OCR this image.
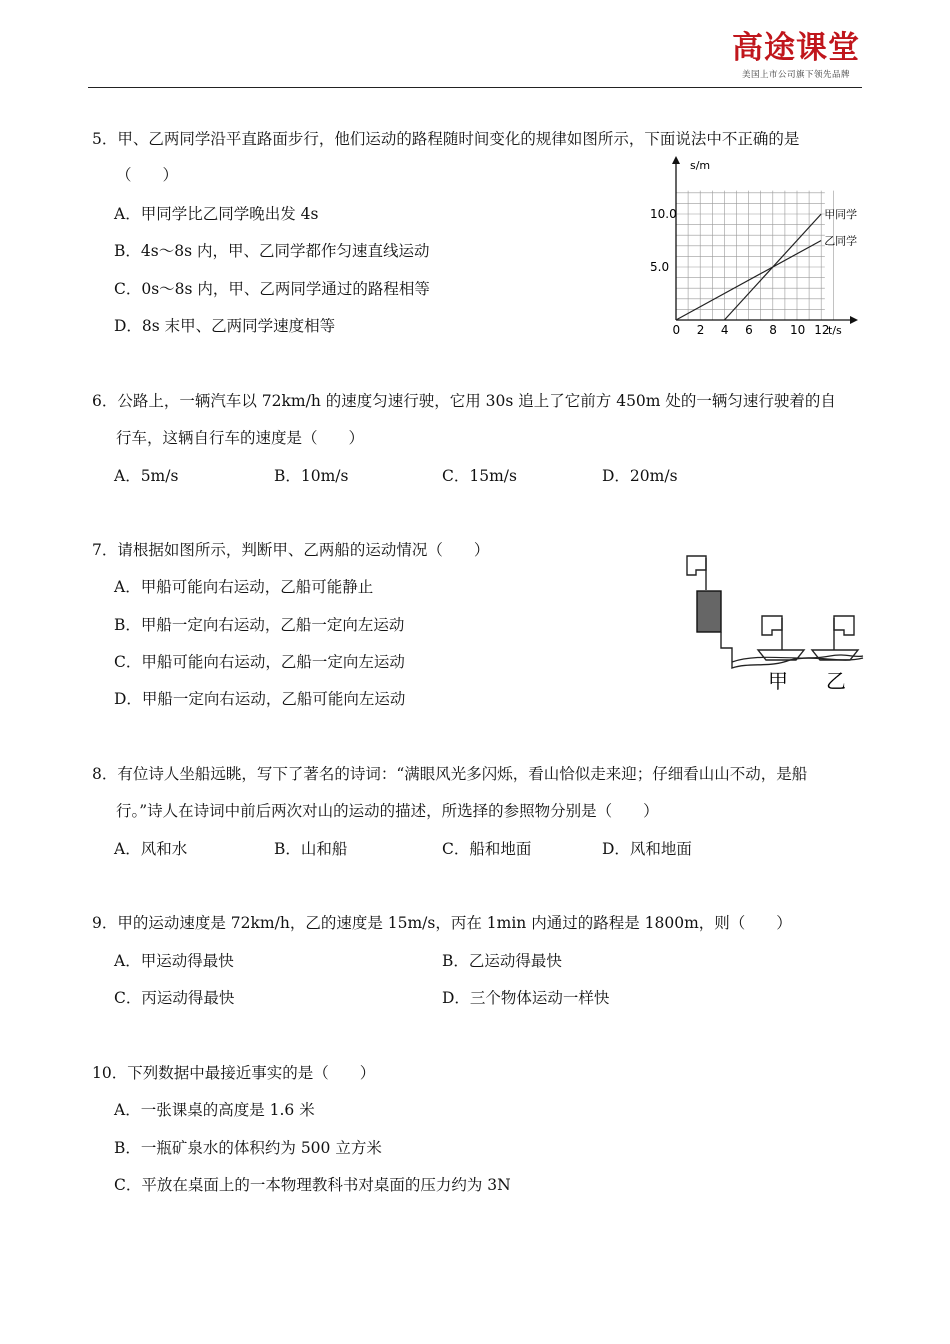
高途课堂
美国上市公司旗下领先品牌
5．甲、乙两同学沿平直路面步行，他们运动的路程随时间变化的规律如图所示，下面说法中不正确的是
（　　）
A．甲同学比乙同学晚出发 4s
B．4s～8s 内，甲、乙同学都作匀速直线运动
C．0s～8s 内，甲、乙两同学通过的路程相等
D．8s 末甲、乙两同学速度相等
s/m
t/s
0 2 4 6 8 10 12
5.0
10.0	甲同学
乙同学
6．公路上，一辆汽车以 72km/h 的速度匀速行驶，它用 30s 追上了它前方 450m 处的一辆匀速行驶着的自
行车，这辆自行车的速度是（　　）
A．5m/s	B．10m/s	C．15m/s	D．20m/s
7．请根据如图所示，判断甲、乙两船的运动情况（　　）
A．甲船可能向右运动，乙船可能静止
B．甲船一定向右运动，乙船一定向左运动
C．甲船可能向右运动，乙船一定向左运动
D．甲船一定向右运动，乙船可能向左运动
甲 乙
8．有位诗人坐船远眺，写下了著名的诗词：“满眼风光多闪烁，看山恰似走来迎；仔细看山山不动，是船
行。”诗人在诗词中前后两次对山的运动的描述，所选择的参照物分别是（　　）
A．风和水	B．山和船	C．船和地面	D．风和地面
9．甲的运动速度是 72km/h，乙的速度是 15m/s，丙在 1min 内通过的路程是 1800m，则（　　）
A．甲运动得最快	B．乙运动得最快
C．丙运动得最快	D．三个物体运动一样快
10．下列数据中最接近事实的是（　　）
A．一张课桌的高度是 1.6 米
B．一瓶矿泉水的体积约为 500 立方米
C．平放在桌面上的一本物理教科书对桌面的压力约为 3N
